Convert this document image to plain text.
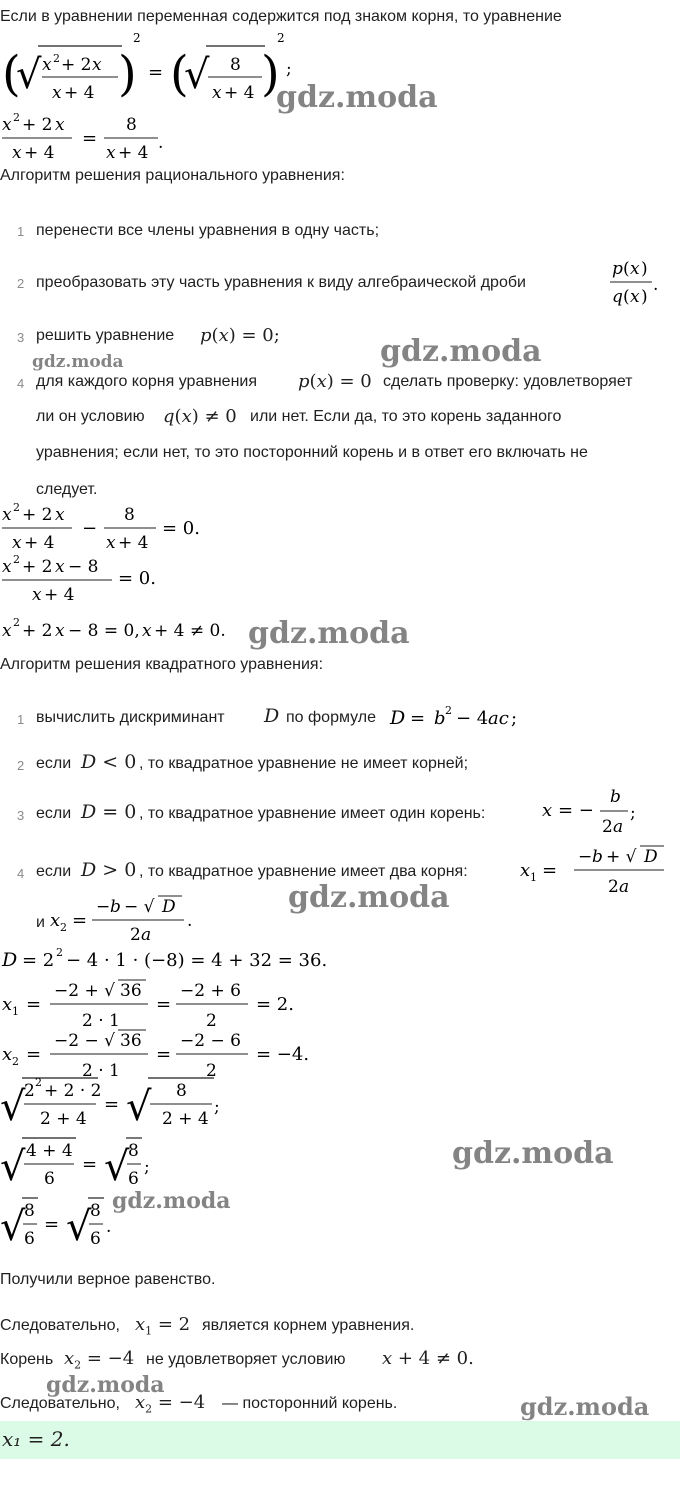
Если в уравнении переменная содержится под знаком корня, то уравнение
(
√ x 2 + 2 x
x + 4 )
2
= (
√ 8
x + 4 )
2
;
gdz.moda
x 2 + 2 x
x + 4
=
8
x + 4 .
Алгоритм решения рационального уравнения:
1 перенести все члены уравнения в одну часть;
2 преобразовать эту часть уравнения к виду алгебраической дроби
p ( x )
q ( x )
.
3 решить уравнение p(x) = 0;
gdz.moda	gdz.moda
4 для каждого корня уравнения p(x) = 0 сделать проверку: удовлетворяет
ли он условию q(x) ≠ 0 или нет. Если да, то это корень заданного
уравнения; если нет, то это посторонний корень и в ответ его включать не
следует.
x 2 + 2 x
x + 4
−
8
x + 4
= 0.
x 2 + 2 x − 8
x + 4
= 0.
x 2 + 2 x − 8 = 0, x + 4 ≠ 0. gdz.moda
Алгоритм решения квадратного уравнения:
1 вычислить дискриминант D по формуле D = b 2 − 4 ac ;
2 если D < 0 , то квадратное уравнение не имеет корней;
3 если D = 0 , то квадратное уравнение имеет один корень:	x = −
b
2 a
;
4 если D > 0 , то квадратное уравнение имеет два корня:	x 1 =
− b + √ D
2 a
и x 2 =
− b − √ D
2 a
.
gdz.moda
D = 2 2 − 4 · 1 · (−8) = 4 + 32 = 36.
x 1 =
−2 + √ 36
2 · 1
=
−2 + 6
2
= 2.
x 2 =
−2 − √ 36
2 · 1
=
−2 − 6
2
= −4.
√
2 2 + 2 · 2
2 + 4
= √ 8
2 + 4
;
√ 4 + 4
6
= √
8
6
;	gdz.moda
√
8
6
= √
8
6
.
gdz.moda
Получили верное равенство.
Следовательно, $x_1 = 2$ является корнем уравнения.
Корень $x_2 = -4$ не удовлетворяет условию x + 4 ≠ 0.
gdz.moda
Следовательно, $x_2 = -4$ — посторонний корень.	gdz.moda
x₁ = 2.
